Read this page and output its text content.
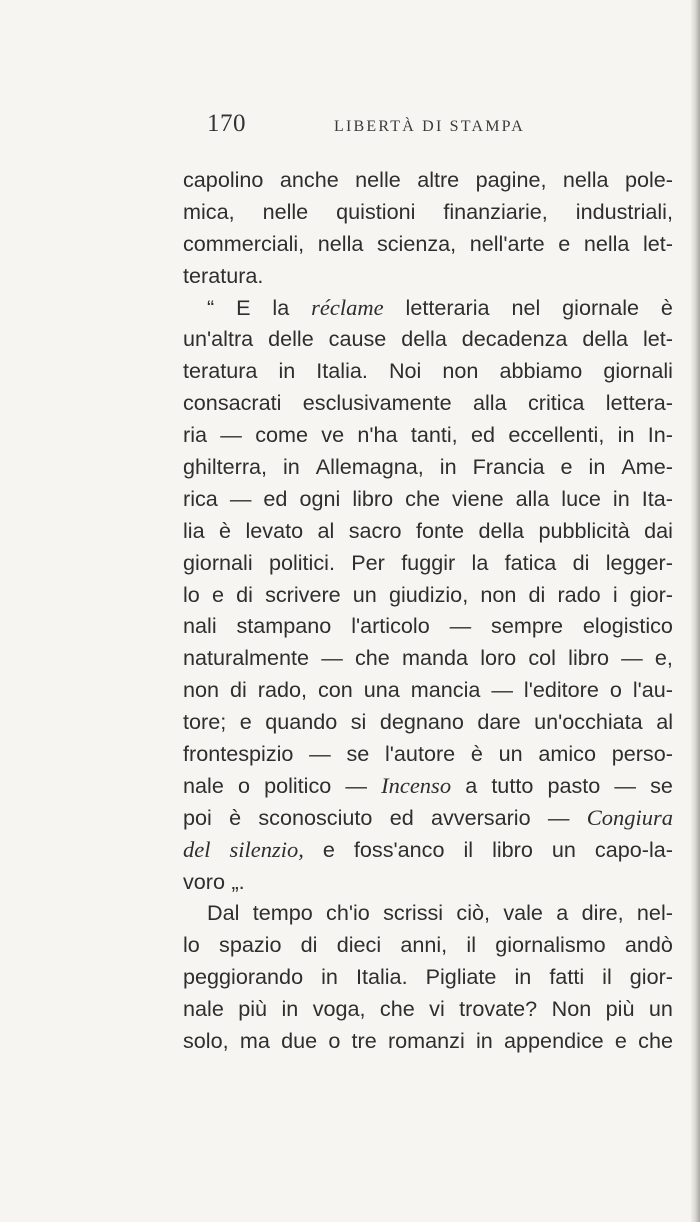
170	LIBERTÀ DI STAMPA
capolino anche nelle altre pagine, nella pole-
mica, nelle quistioni finanziarie, industriali,
commerciali, nella scienza, nell'arte e nella let-
teratura.
“ E la réclame letteraria nel giornale è
un'altra delle cause della decadenza della let-
teratura in Italia. Noi non abbiamo giornali
consacrati esclusivamente alla critica lettera-
ria — come ve n'ha tanti, ed eccellenti, in In-
ghilterra, in Allemagna, in Francia e in Ame-
rica — ed ogni libro che viene alla luce in Ita-
lia è levato al sacro fonte della pubblicità dai
giornali politici. Per fuggir la fatica di legger-
lo e di scrivere un giudizio, non di rado i gior-
nali stampano l'articolo — sempre elogistico
naturalmente — che manda loro col libro — e,
non di rado, con una mancia — l'editore o l'au-
tore; e quando si degnano dare un'occhiata al
frontespizio — se l'autore è un amico perso-
nale o politico — Incenso a tutto pasto — se
poi è sconosciuto ed avversario — Congiura
del silenzio, e foss'anco il libro un capo-la-
voro „.
Dal tempo ch'io scrissi ciò, vale a dire, nel-
lo spazio di dieci anni, il giornalismo andò
peggiorando in Italia. Pigliate in fatti il gior-
nale più in voga, che vi trovate? Non più un
solo, ma due o tre romanzi in appendice e che
